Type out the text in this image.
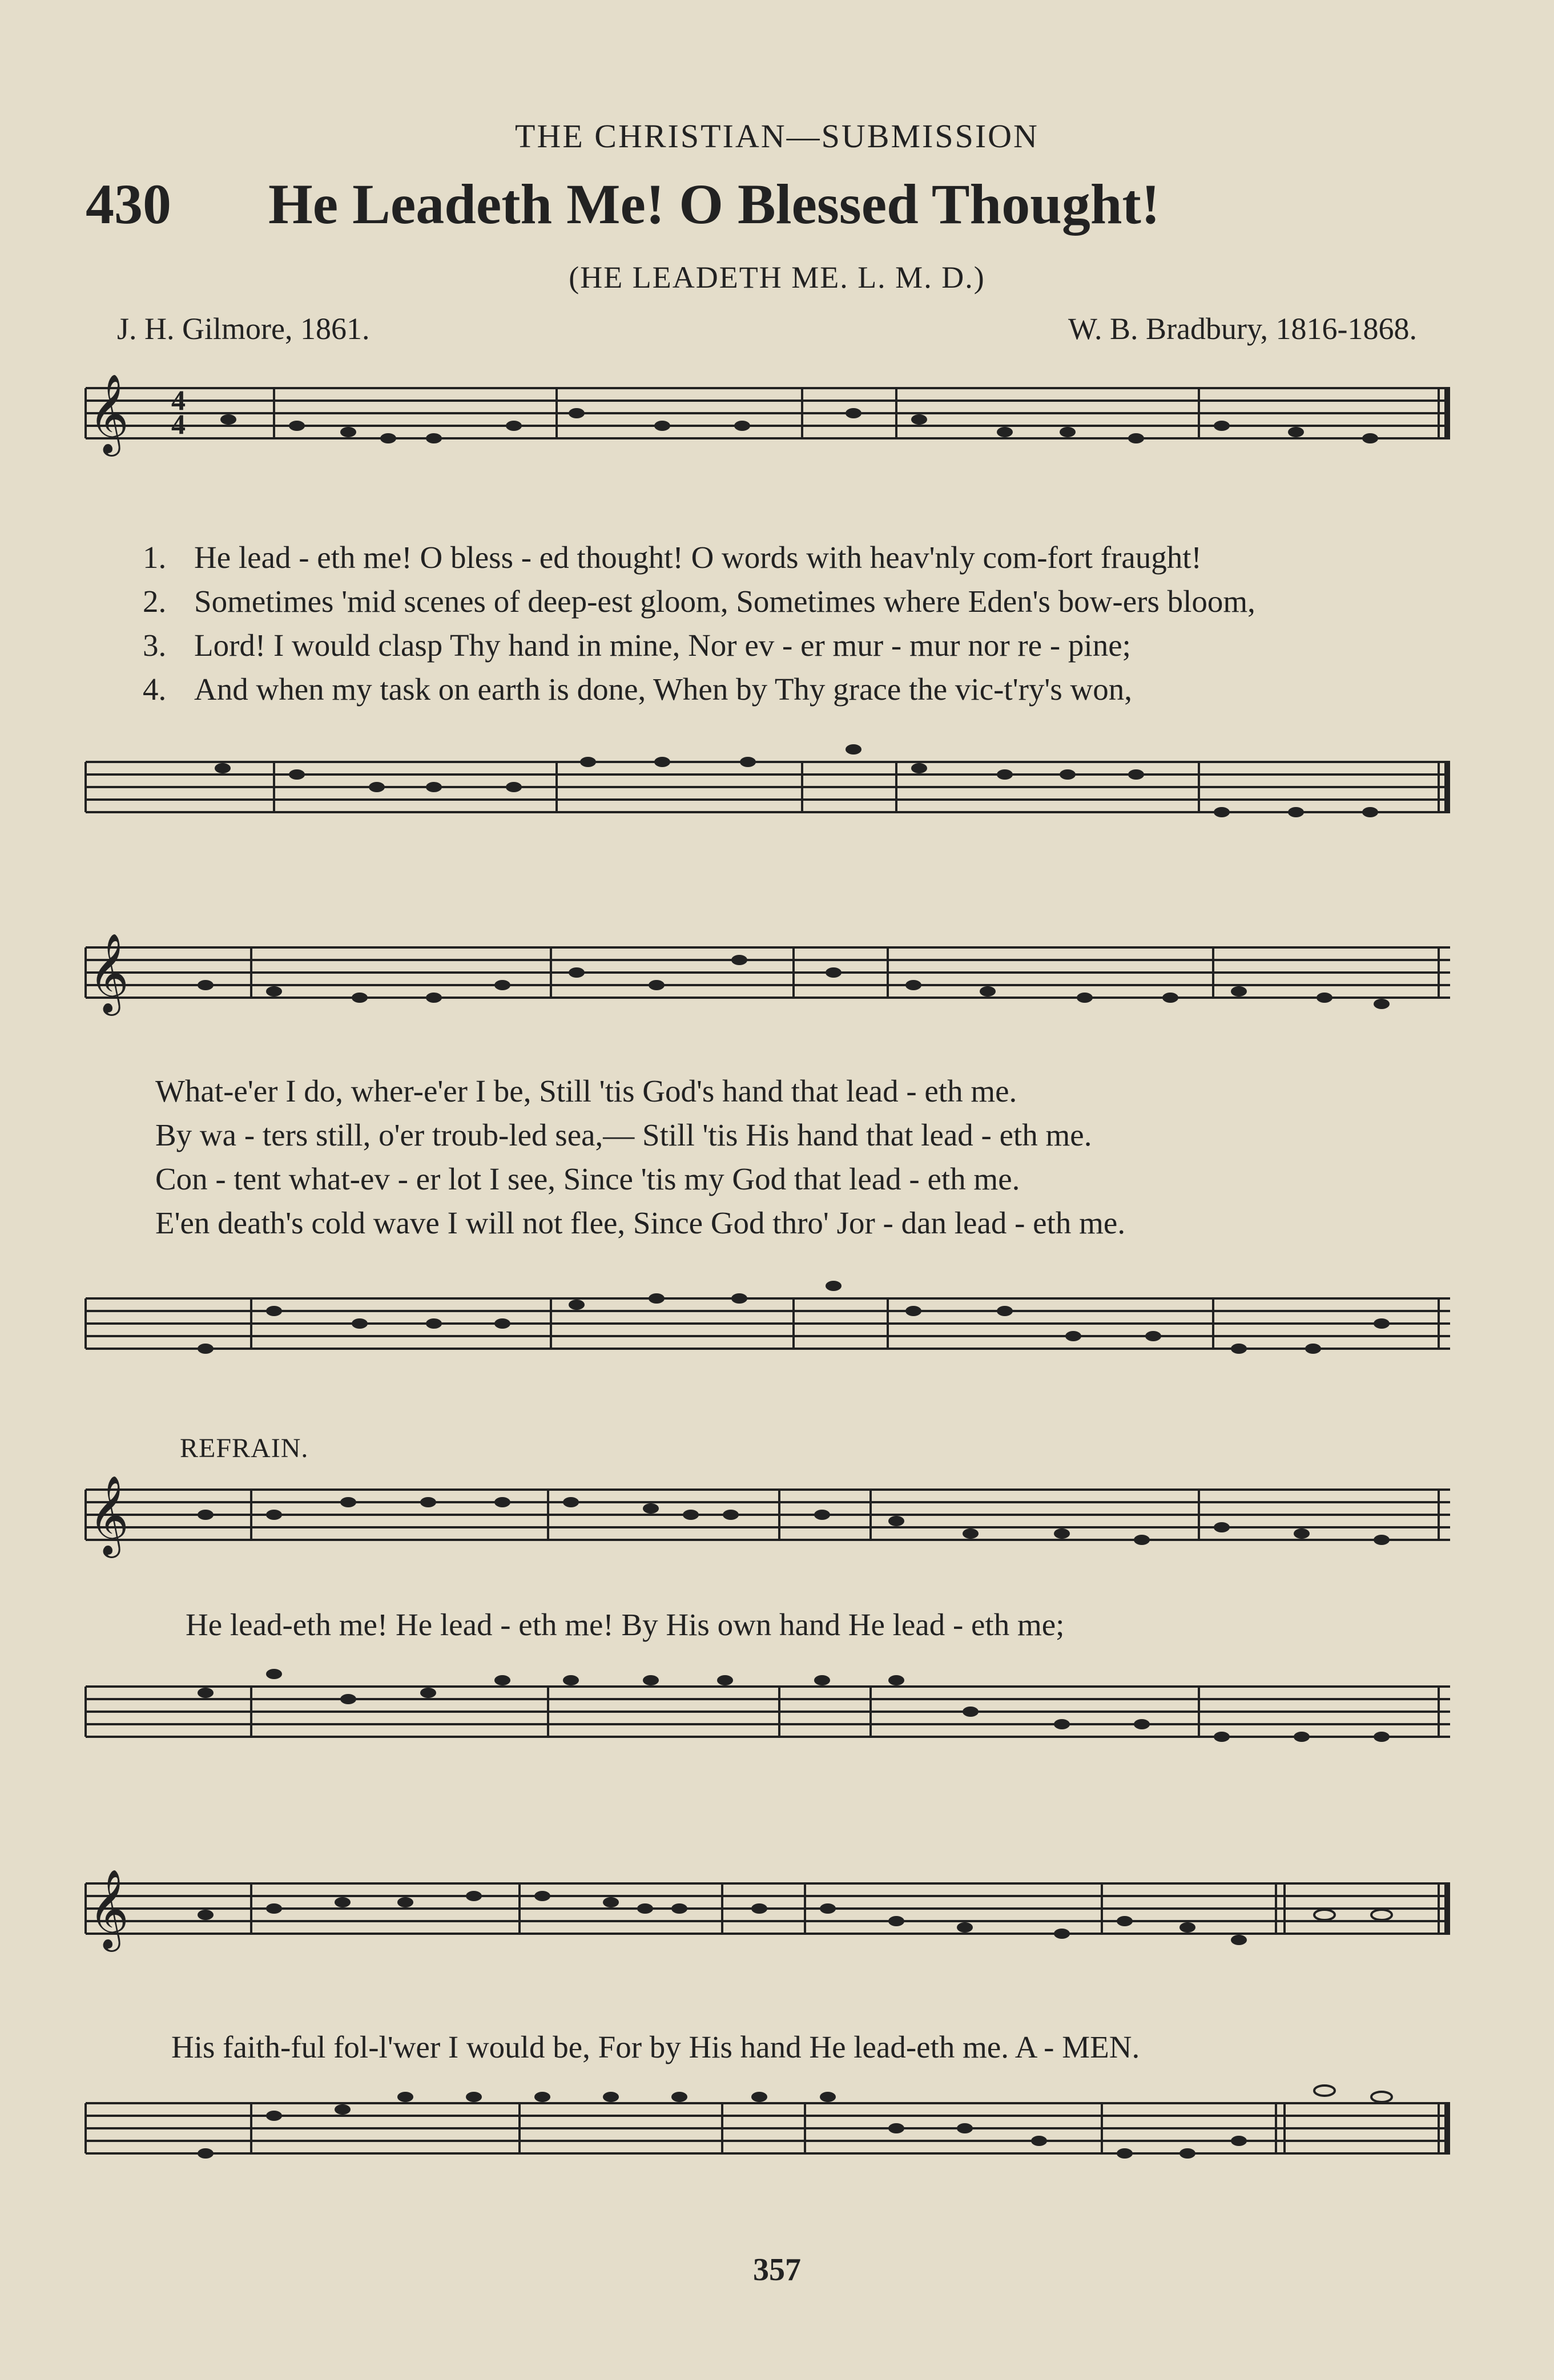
THE CHRISTIAN—SUBMISSION
430 He Leadeth Me! O Blessed Thought!
(HE LEADETH ME. L. M. D.)
J. H. Gilmore, 1861.	W. B. Bradbury, 1816-1868.
𝄞 4
4
1. He lead - eth me! O bless - ed thought! O words with heav'nly com-fort fraught!
2. Sometimes 'mid scenes of deep-est gloom, Sometimes where Eden's bow-ers bloom,
3. Lord! I would clasp Thy hand in mine, Nor ev - er mur - mur nor re - pine;
4. And when my task on earth is done, When by Thy grace the vic-t'ry's won,
𝄞
What-e'er I do, wher-e'er I be, Still 'tis God's hand that lead - eth me.
By wa - ters still, o'er troub-led sea,— Still 'tis His hand that lead - eth me.
Con - tent what-ev - er lot I see, Since 'tis my God that lead - eth me.
E'en death's cold wave I will not flee, Since God thro' Jor - dan lead - eth me.
REFRAIN.
𝄞
He lead-eth me! He lead - eth me! By His own hand He lead - eth me;
𝄞
His faith-ful fol-l'wer I would be, For by His hand He lead-eth me. A - MEN.
357
